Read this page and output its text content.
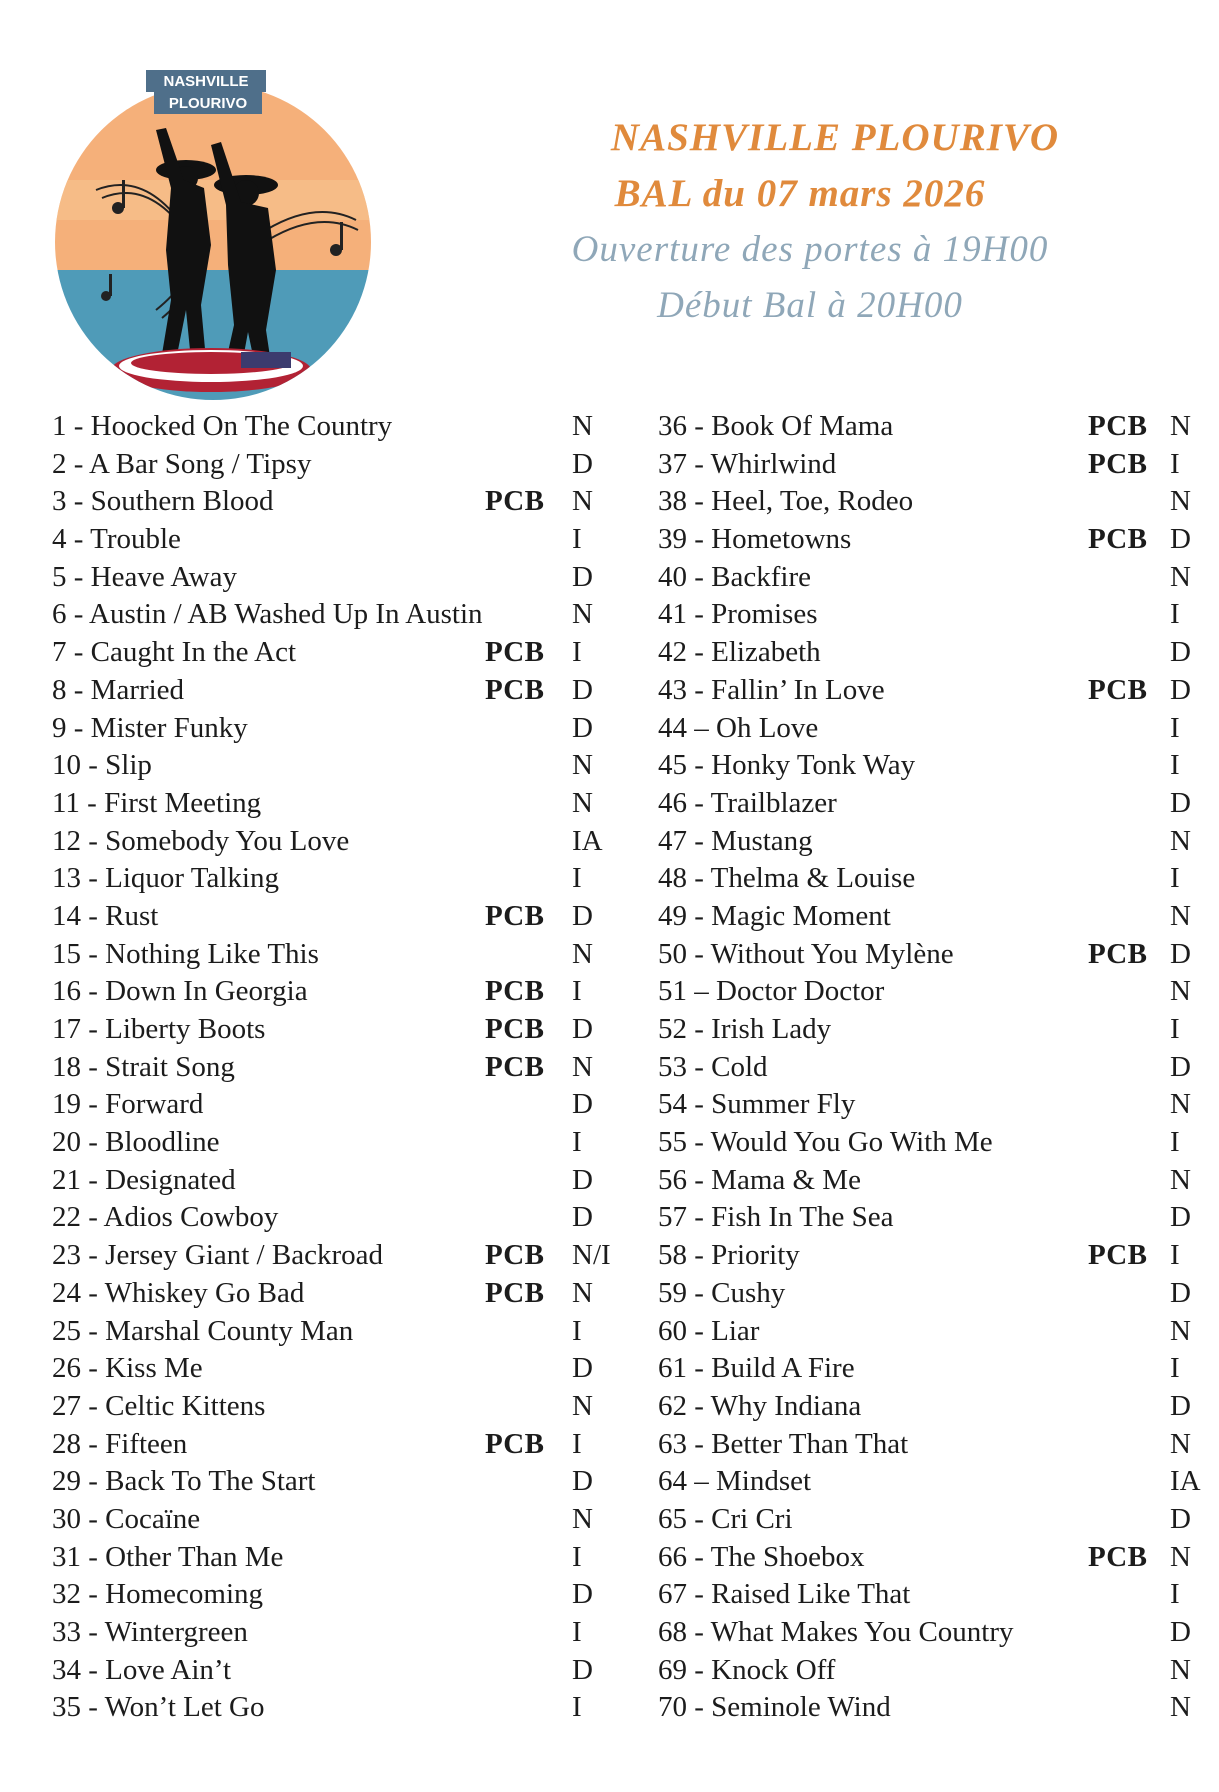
NASHVILLE
PLOURIVO
NASHVILLE PLOURIVO
BAL du 07 mars 2026
Ouverture des portes à 19H00
Début Bal à 20H00
1 - Hoocked On The Country	N
2 - A Bar Song / Tipsy	D
3 - Southern Blood	PCB N
4 - Trouble	I
5 - Heave Away	D
6 - Austin / AB Washed Up In Austin	N
7 - Caught In the Act	PCB I
8 - Married	PCB D
9 - Mister Funky	D
10 - Slip	N
11 - First Meeting	N
12 - Somebody You Love	IA
13 - Liquor Talking	I
14 - Rust	PCB D
15 - Nothing Like This	N
16 - Down In Georgia	PCB I
17 - Liberty Boots	PCB D
18 - Strait Song	PCB N
19 - Forward	D
20 - Bloodline	I
21 - Designated	D
22 - Adios Cowboy	D
23 - Jersey Giant / Backroad	PCB N/I
24 - Whiskey Go Bad	PCB N
25 - Marshal County Man	I
26 - Kiss Me	D
27 - Celtic Kittens	N
28 - Fifteen	PCB I
29 - Back To The Start	D
30 - Cocaïne	N
31 - Other Than Me	I
32 - Homecoming	D
33 - Wintergreen	I
34 - Love Ain’t	D
35 - Won’t Let Go	I
36 - Book Of Mama	PCB N
37 - Whirlwind	PCB I
38 - Heel, Toe, Rodeo	N
39 - Hometowns	PCB D
40 - Backfire	N
41 - Promises	I
42 - Elizabeth	D
43 - Fallin’ In Love	PCB D
44 – Oh Love	I
45 - Honky Tonk Way	I
46 - Trailblazer	D
47 - Mustang	N
48 - Thelma & Louise	I
49 - Magic Moment	N
50 - Without You Mylène	PCB D
51 – Doctor Doctor	N
52 - Irish Lady	I
53 - Cold	D
54 - Summer Fly	N
55 - Would You Go With Me	I
56 - Mama & Me	N
57 - Fish In The Sea	D
58 - Priority	PCB I
59 - Cushy	D
60 - Liar	N
61 - Build A Fire	I
62 - Why Indiana	D
63 - Better Than That	N
64 – Mindset	IA
65 - Cri Cri	D
66 - The Shoebox	PCB N
67 - Raised Like That	I
68 - What Makes You Country	D
69 - Knock Off	N
70 - Seminole Wind	N
